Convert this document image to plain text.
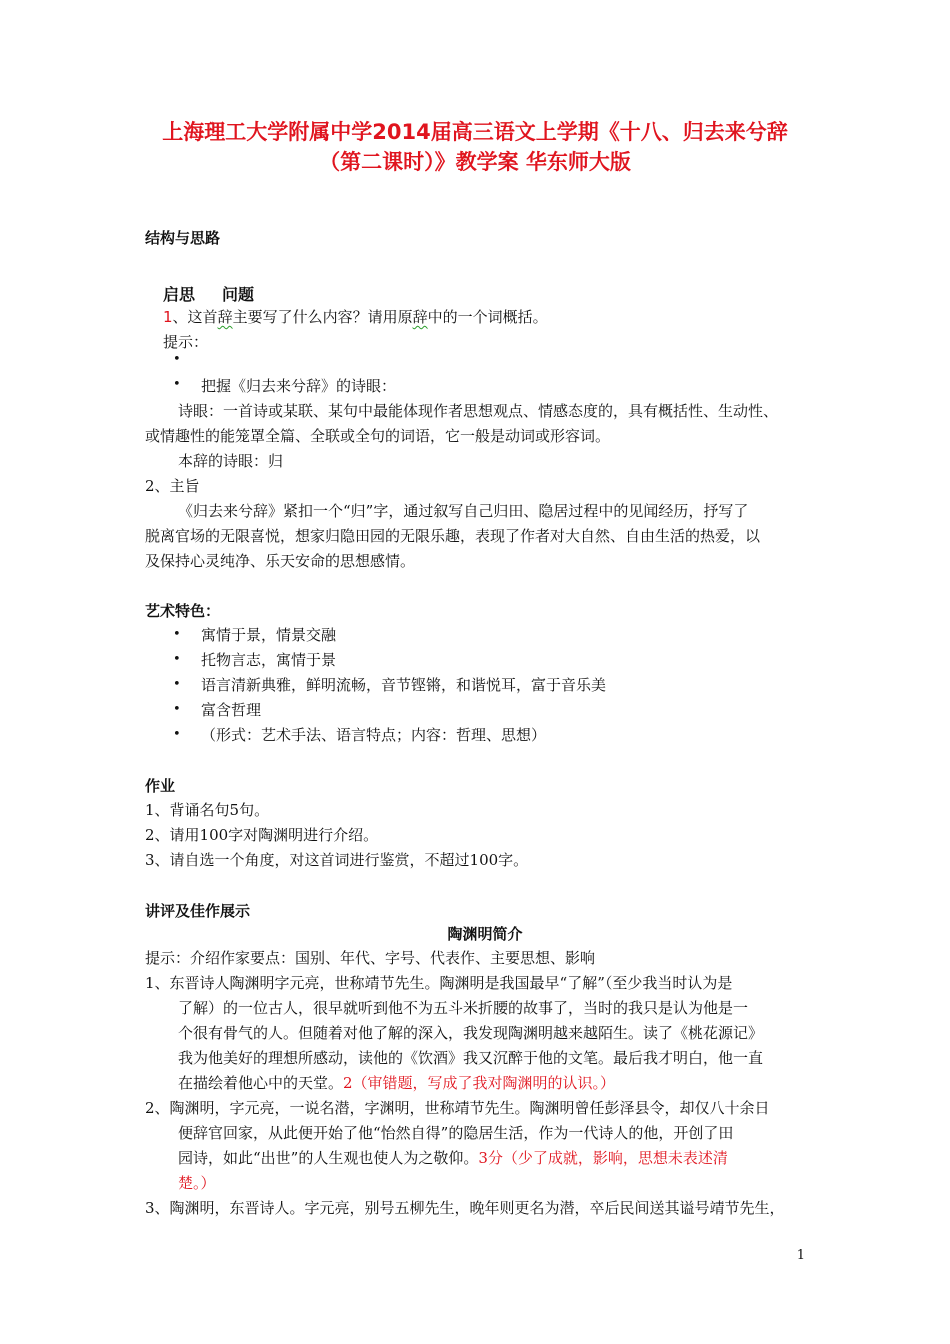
上海理工大学附属中学2014届高三语文上学期《十八、归去来兮辞
（第二课时）》教学案 华东师大版
结构与思路
启思 问题
1、这首辞主要写了什么内容？请用原辞中的一个词概括。
提示：
•
• 把握《归去来兮辞》的诗眼：
诗眼：一首诗或某联、某句中最能体现作者思想观点、情感态度的，具有概括性、生动性、
或情趣性的能笼罩全篇、全联或全句的词语，它一般是动词或形容词。
本辞的诗眼：归
2、主旨
《归去来兮辞》紧扣一个“归”字，通过叙写自己归田、隐居过程中的见闻经历，抒写了
脱离官场的无限喜悦，想家归隐田园的无限乐趣，表现了作者对大自然、自由生活的热爱，以
及保持心灵纯净、乐天安命的思想感情。
艺术特色：
• 寓情于景，情景交融
• 托物言志，寓情于景
• 语言清新典雅，鲜明流畅，音节铿锵，和谐悦耳，富于音乐美
• 富含哲理
• （形式：艺术手法、语言特点；内容：哲理、思想）
作业
1、背诵名句5句。
2、请用100字对陶渊明进行介绍。
3、请自选一个角度，对这首词进行鉴赏，不超过100字。
讲评及佳作展示
陶渊明简介
提示：介绍作家要点：国别、年代、字号、代表作、主要思想、影响
1、东晋诗人陶渊明字元亮，世称靖节先生。陶渊明是我国最早“了解”（至少我当时认为是
了解）的一位古人，很早就听到他不为五斗米折腰的故事了，当时的我只是认为他是一
个很有骨气的人。但随着对他了解的深入，我发现陶渊明越来越陌生。读了《桃花源记》
我为他美好的理想所感动，读他的《饮酒》我又沉醉于他的文笔。最后我才明白，他一直
在描绘着他心中的天堂。2（审错题，写成了我对陶渊明的认识。）
2、陶渊明，字元亮，一说名潜，字渊明，世称靖节先生。陶渊明曾任彭泽县令，却仅八十余日
便辞官回家，从此便开始了他“怡然自得”的隐居生活，作为一代诗人的他，开创了田
园诗，如此“出世”的人生观也使人为之敬仰。3分（少了成就，影响，思想未表述清
楚。）
3、陶渊明，东晋诗人。字元亮，别号五柳先生，晚年则更名为潜，卒后民间送其谥号靖节先生，
1
